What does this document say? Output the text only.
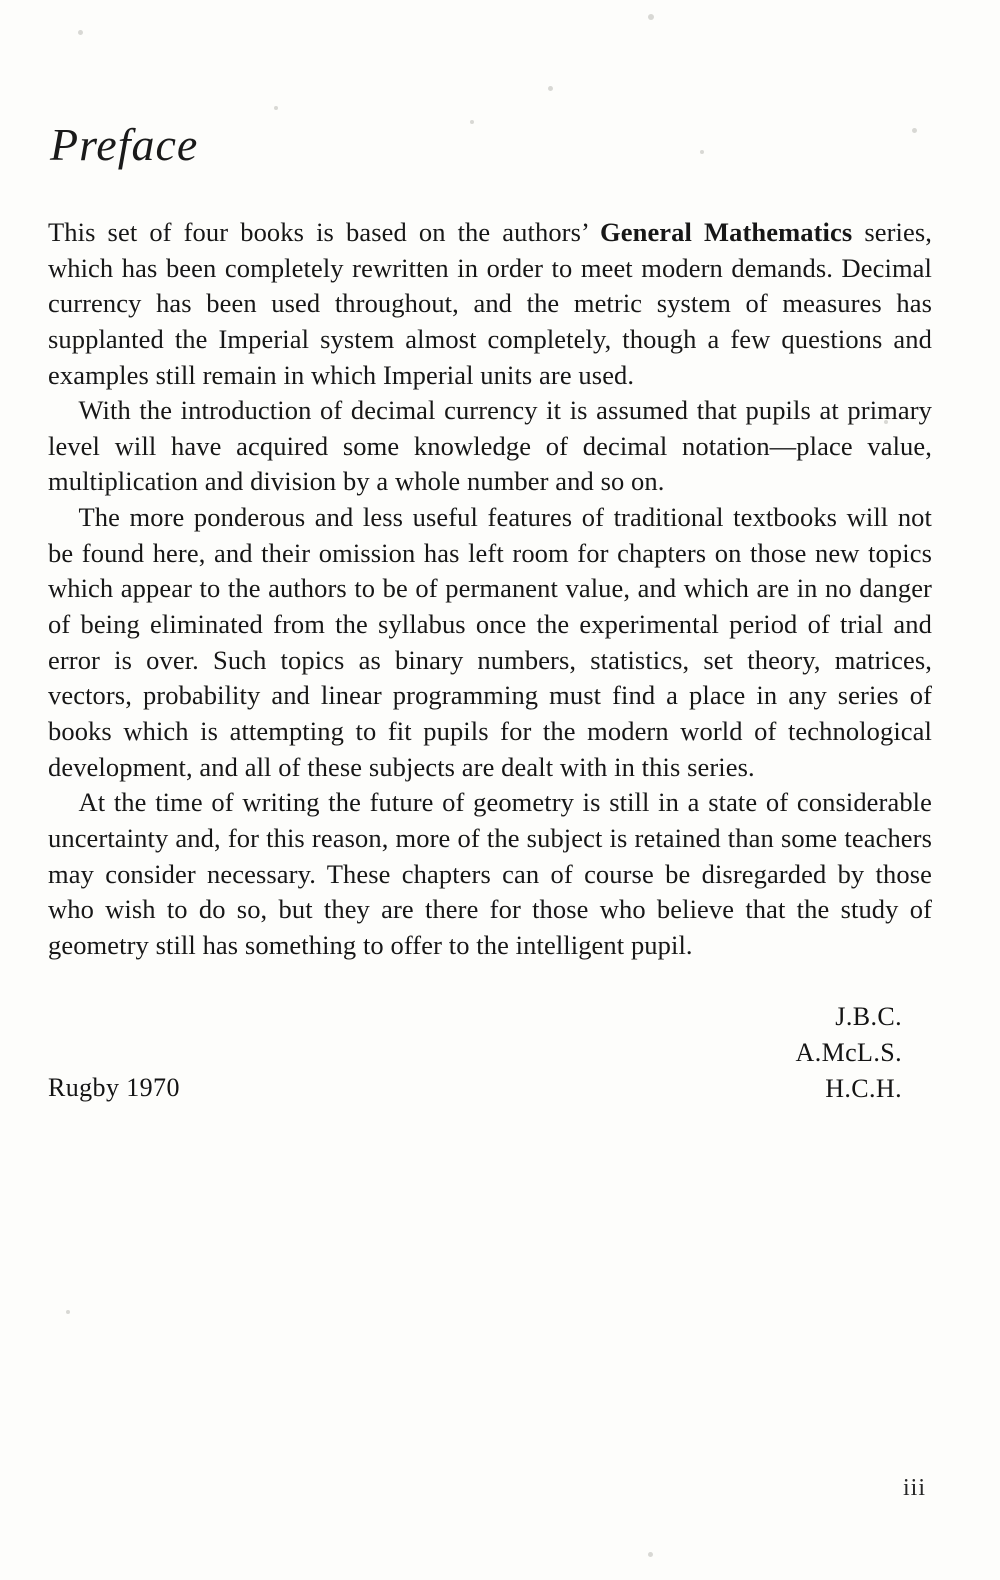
Preface

This set of four books is based on the authors’ General Mathematics series, which has been completely rewritten in order to meet modern demands. Decimal currency has been used throughout, and the metric system of measures has supplanted the Imperial system almost completely, though a few questions and examples still remain in which Imperial units are used.

With the introduction of decimal currency it is assumed that pupils at primary level will have acquired some knowledge of decimal notation—place value, multiplication and division by a whole number and so on.

The more ponderous and less useful features of traditional textbooks will not be found here, and their omission has left room for chapters on those new topics which appear to the authors to be of permanent value, and which are in no danger of being eliminated from the syllabus once the experimental period of trial and error is over. Such topics as binary numbers, statistics, set theory, matrices, vectors, probability and linear programming must find a place in any series of books which is attempting to fit pupils for the modern world of technological development, and all of these subjects are dealt with in this series.

At the time of writing the future of geometry is still in a state of considerable uncertainty and, for this reason, more of the subject is retained than some teachers may consider necessary. These chapters can of course be disregarded by those who wish to do so, but they are there for those who believe that the study of geometry still has something to offer to the intelligent pupil.

J.B.C.
A.McL.S.
H.C.H.
Rugby 1970
iii
